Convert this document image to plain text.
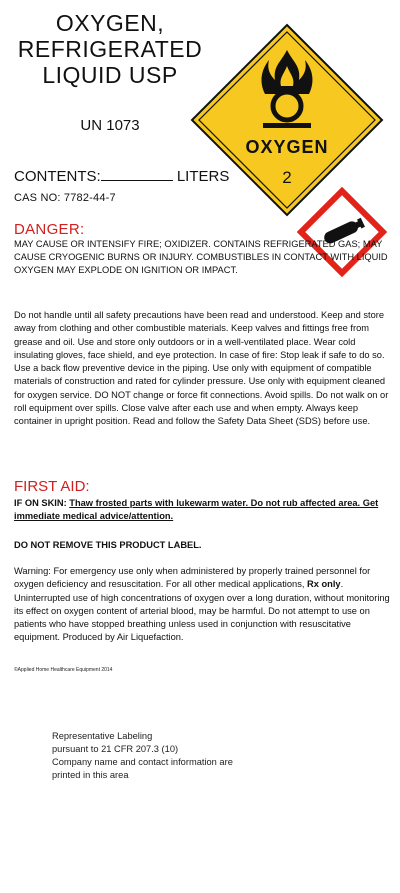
OXYGEN,
REFRIGERATED
LIQUID USP
UN 1073
OXYGEN
2
CONTENTS:	LITERS
CAS NO: 7782-44-7
DANGER:
MAY CAUSE OR INTENSIFY FIRE; OXIDIZER. CONTAINS REFRIGERATED GAS; MAY CAUSE CRYOGENIC BURNS OR INJURY. COMBUSTIBLES IN CONTACT WITH LIQUID OXYGEN MAY EXPLODE ON IGNITION OR IMPACT.
Do not handle until all safety precautions have been read and understood. Keep and store away from clothing and other combustible materials. Keep valves and fittings free from grease and oil. Use and store only outdoors or in a well-ventilated place. Wear cold insulating gloves, face shield, and eye protection. In case of fire: Stop leak if safe to do so. Use a back flow preventive device in the piping. Use only with equipment of compatible materials of construction and rated for cylinder pressure. Use only with equipment cleaned for oxygen service. DO NOT change or force fit connections. Avoid spills. Do not walk on or roll equipment over spills. Close valve after each use and when empty. Always keep container in upright position. Read and follow the Safety Data Sheet (SDS) before use.
FIRST AID:
IF ON SKIN: Thaw frosted parts with lukewarm water. Do not rub affected area. Get immediate medical advice/attention.
DO NOT REMOVE THIS PRODUCT LABEL.
Warning: For emergency use only when administered by properly trained personnel for oxygen deficiency and resuscitation. For all other medical applications, Rx only. Uninterrupted use of high concentrations of oxygen over a long duration, without monitoring its effect on oxygen content of arterial blood, may be harmful. Do not attempt to use on patients who have stopped breathing unless used in conjunction with resuscitative equipment. Produced by Air Liquefaction.
©Applied Home Healthcare Equipment 2014
Representative Labeling
pursuant to 21 CFR 207.3 (10)
Company name and contact information are
printed in this area
